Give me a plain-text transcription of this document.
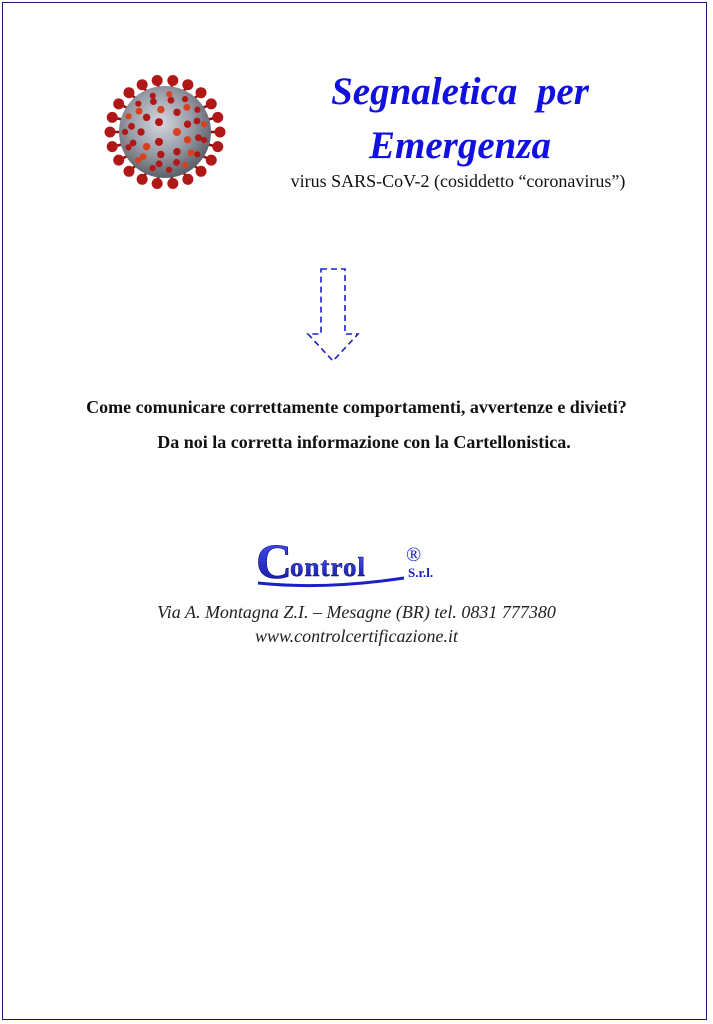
Segnaletica  per
Emergenza
virus SARS-CoV-2 (cosiddetto “coronavirus”)
Come comunicare correttamente comportamenti, avvertenze e divieti?
Da noi la corretta informazione con la Cartellonistica.
C
ontrol ®
S.r.l.
Via A. Montagna Z.I. – Mesagne (BR) tel. 0831 777380
www.controlcertificazione.it
